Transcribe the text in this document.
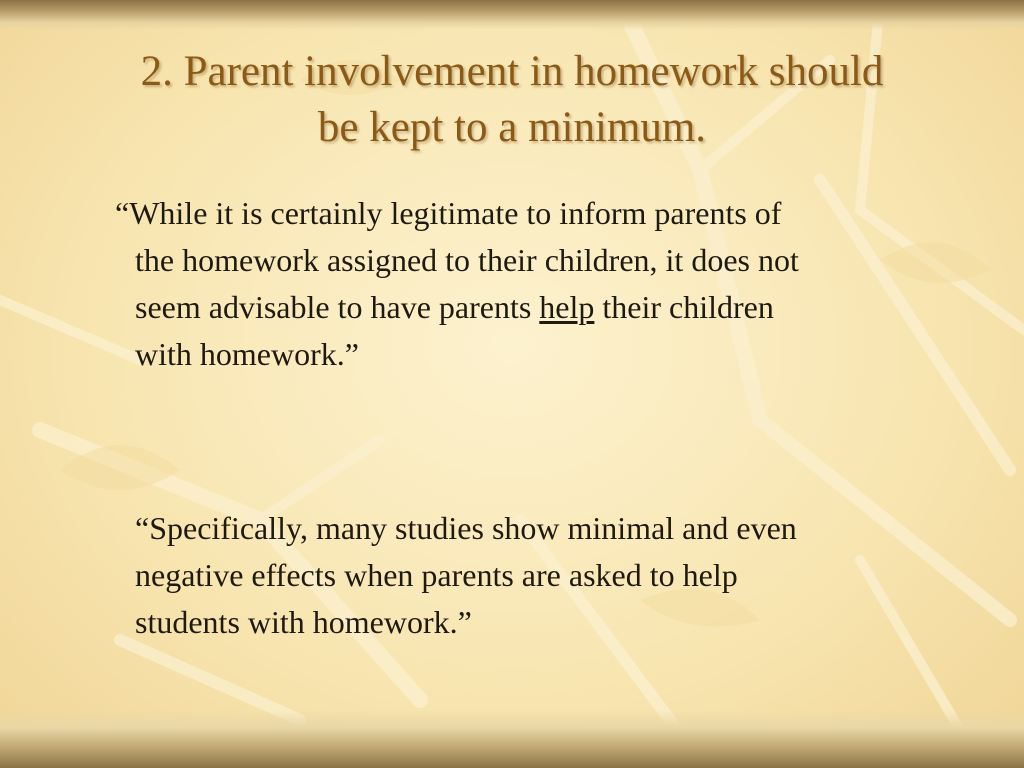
2. Parent involvement in homework should
be kept to a minimum.
“While it is certainly legitimate to inform parents of
the homework assigned to their children, it does not
seem advisable to have parents help their children
with homework.”
“Specifically, many studies show minimal and even
negative effects when parents are asked to help
students with homework.”
